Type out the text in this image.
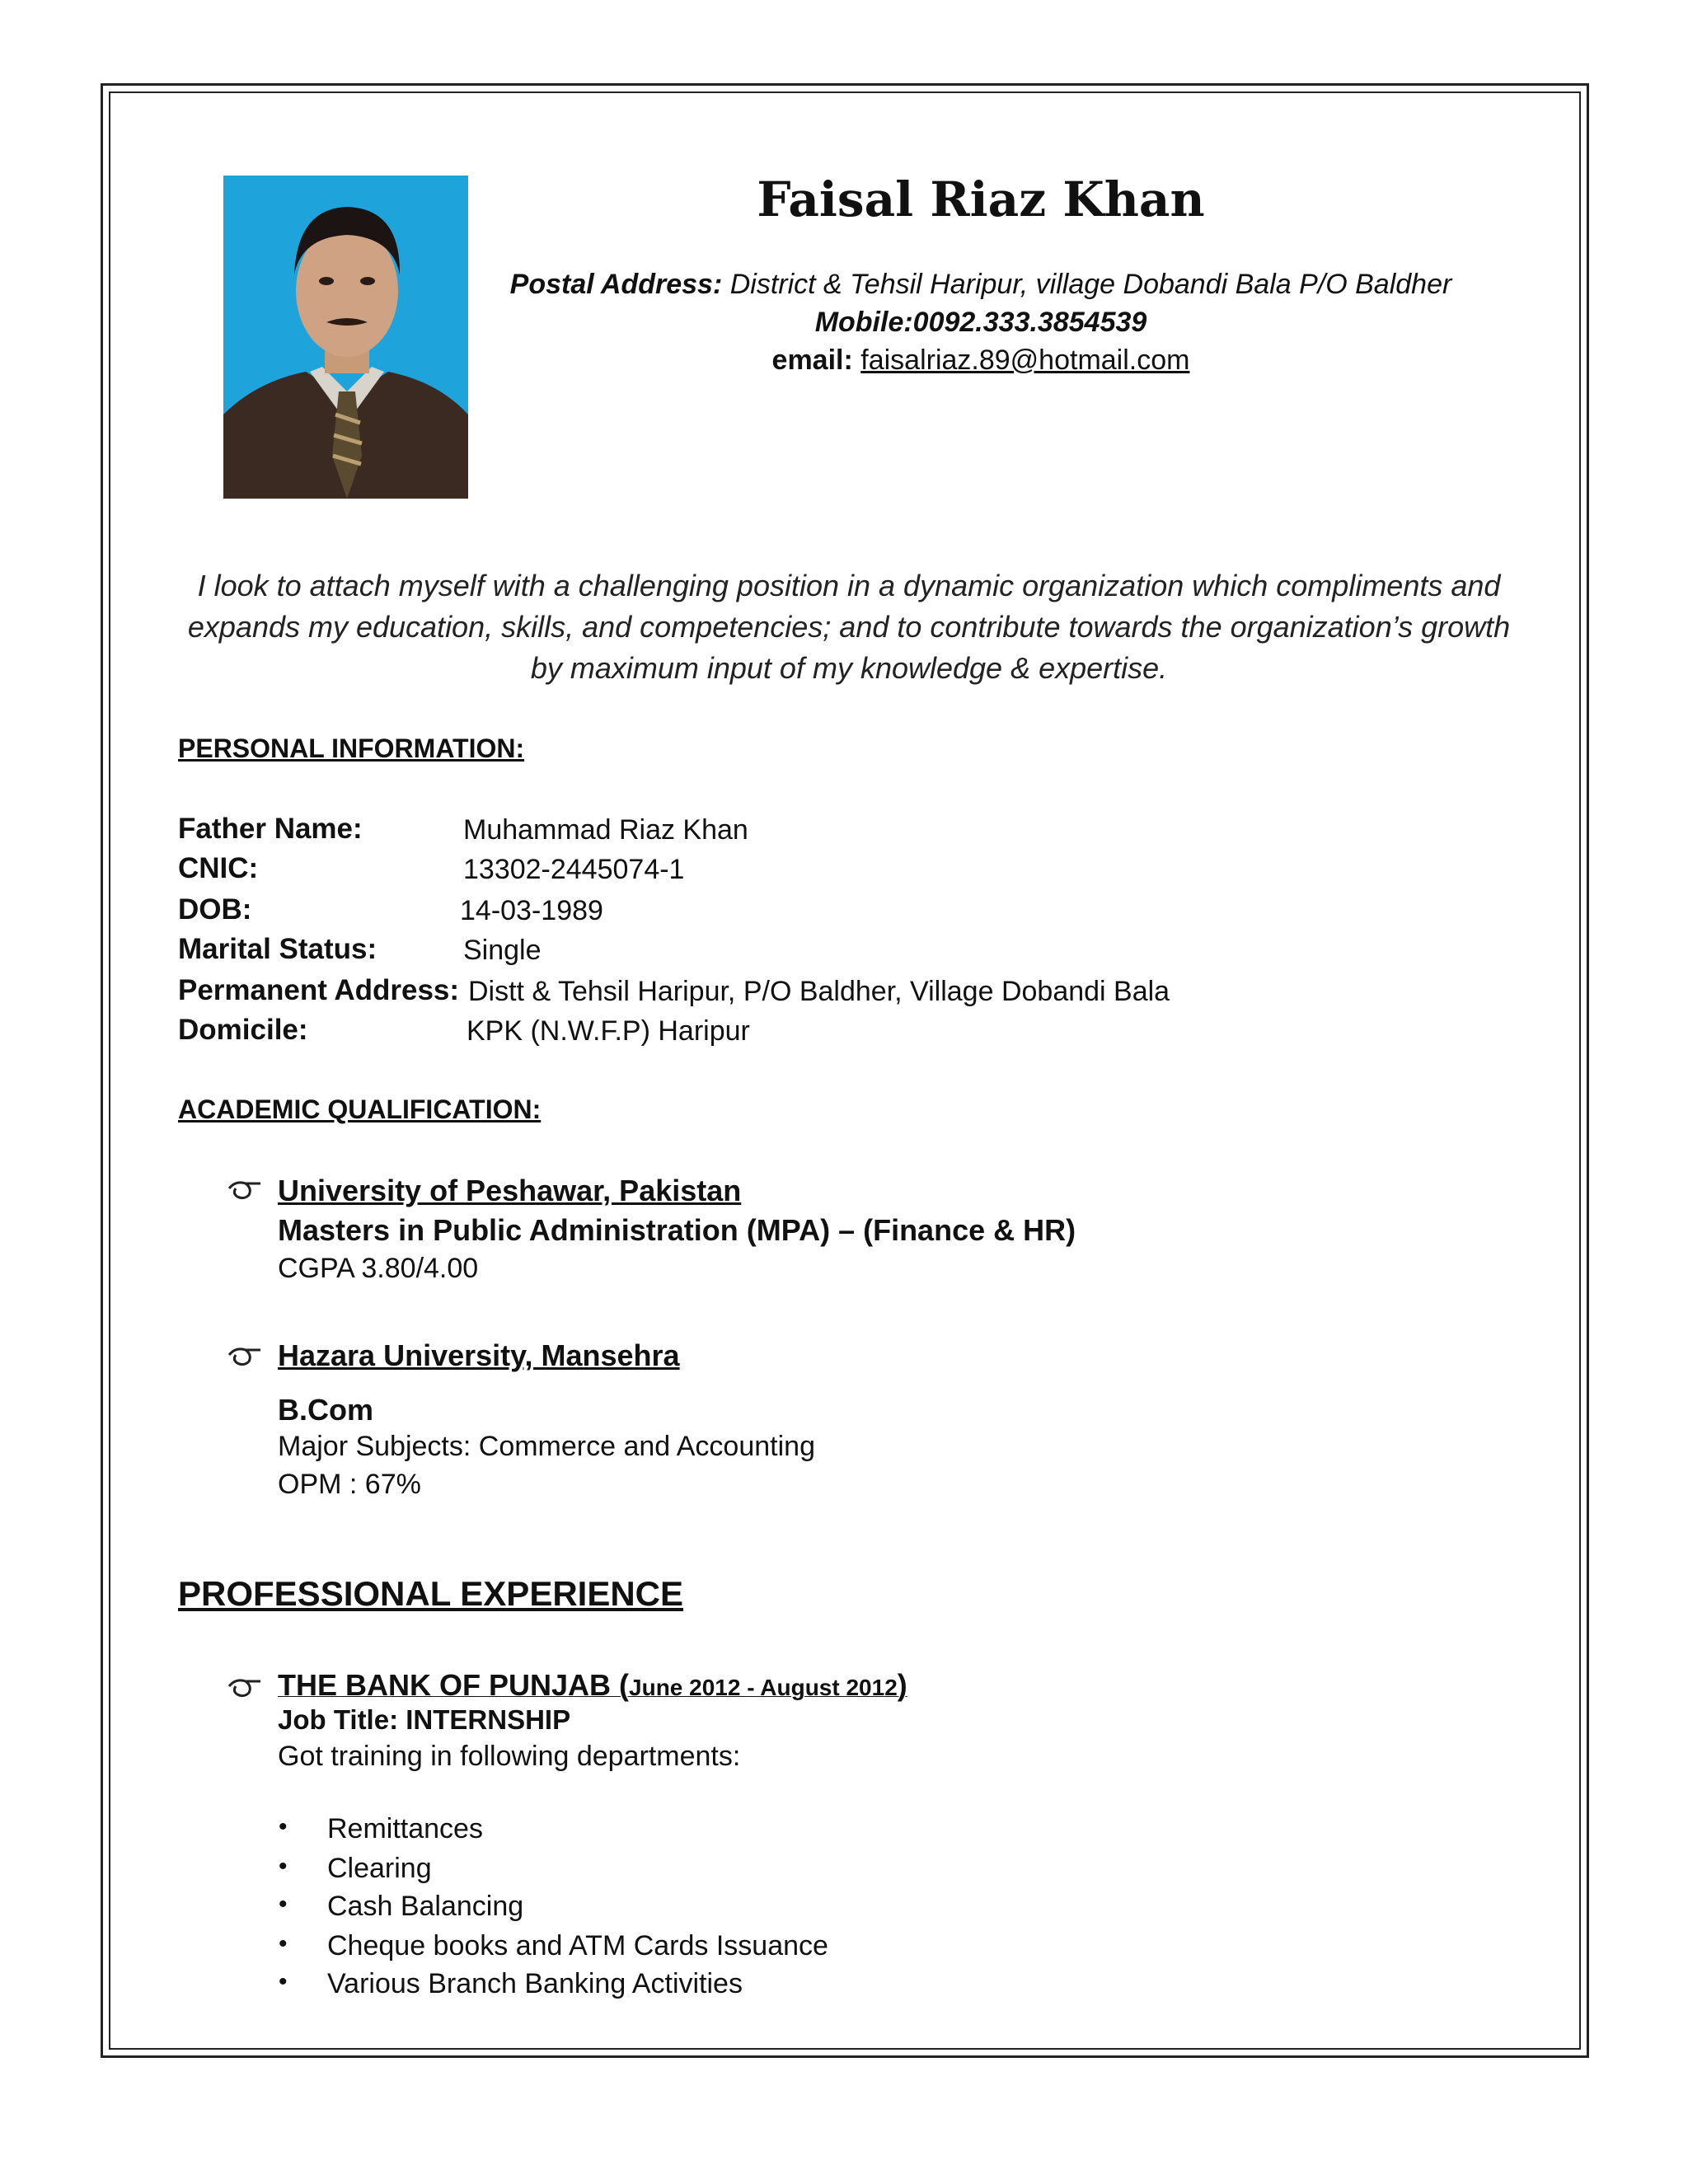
Faisal Riaz Khan
Postal Address: District & Tehsil Haripur, village Dobandi Bala P/O Baldher
Mobile:0092.333.3854539
email: faisalriaz.89@hotmail.com
I look to attach myself with a challenging position in a dynamic organization which compliments and expands my education, skills, and competencies; and to contribute towards the organization’s growth by maximum input of my knowledge & expertise.
PERSONAL INFORMATION:
Father Name:	Muhammad Riaz Khan
CNIC:	13302-2445074-1
DOB:	14-03-1989
Marital Status:	Single
Permanent Address: Distt & Tehsil Haripur, P/O Baldher, Village Dobandi Bala
Domicile:	KPK (N.W.F.P) Haripur
ACADEMIC QUALIFICATION:
University of Peshawar, Pakistan
Masters in Public Administration (MPA) – (Finance & HR)
CGPA 3.80/4.00
Hazara University, Mansehra
B.Com
Major Subjects: Commerce and Accounting
OPM : 67%
PROFESSIONAL EXPERIENCE
THE BANK OF PUNJAB (June 2012 - August 2012)
Job Title: INTERNSHIP
Got training in following departments:
• Remittances
• Clearing
• Cash Balancing
• Cheque books and ATM Cards Issuance
• Various Branch Banking Activities
